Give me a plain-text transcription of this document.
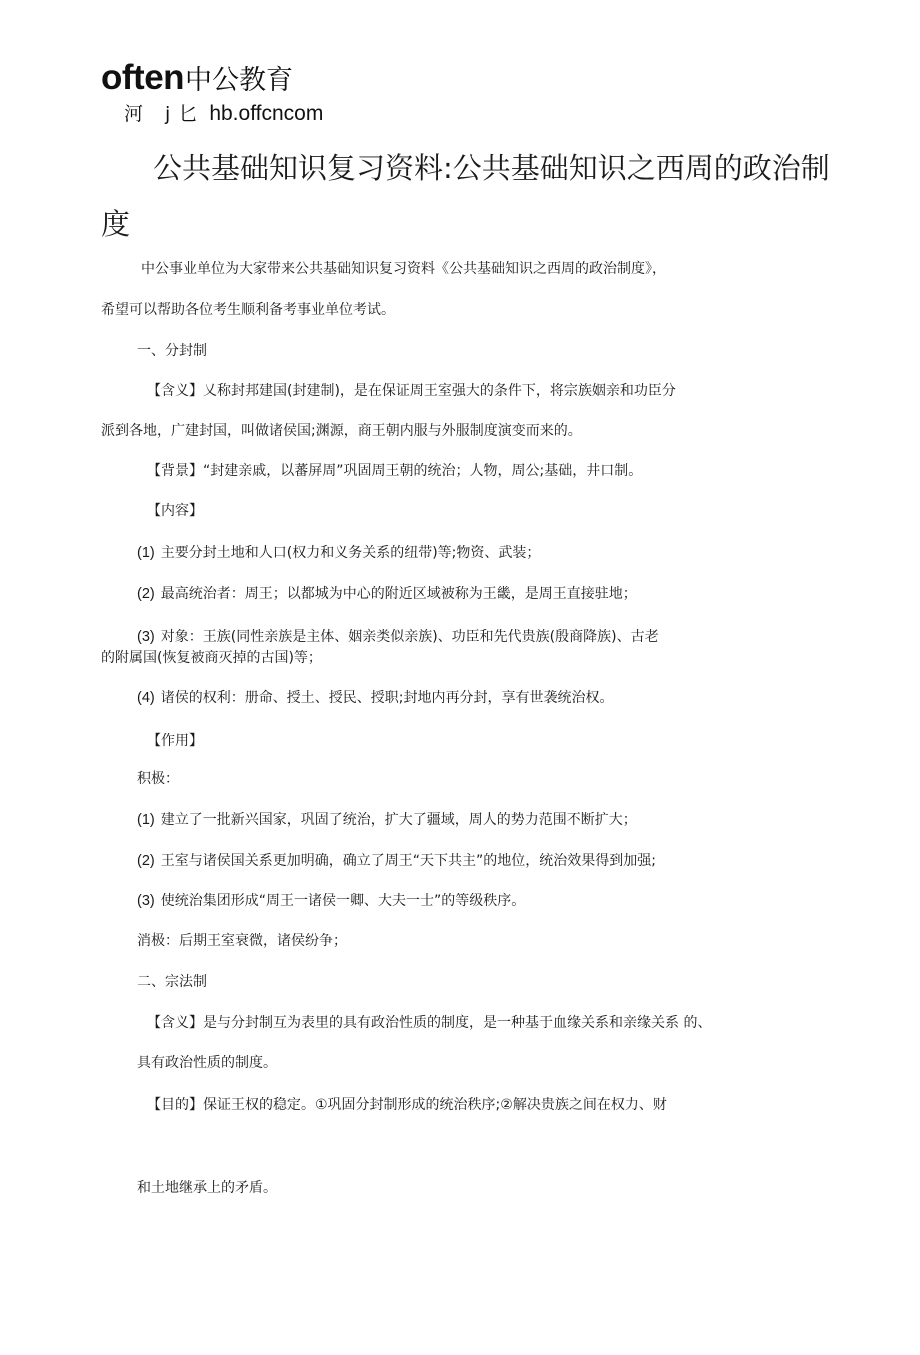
often中公教育
河 j匕 hb.offcncom
公共基础知识复习资料:公共基础知识之西周的政治制度
中公事业单位为大家带来公共基础知识复习资料《公共基础知识之西周的政治制度》，
希望可以帮助各位考生顺利备考事业单位考试。
一、分封制
【含义】乂称封邦建国(封建制)，是在保证周王室强大的条件下，将宗族姻亲和功臣分
派到各地，广建封国，叫做诸侯国;渊源，商王朝内服与外服制度演变而来的。
【背景】“封建亲戚，以蕃屏周”巩固周王朝的统治；人物，周公;基础，井口制。
【内容】
(1) 主要分封土地和人口(权力和义务关系的纽带)等;物资、武装；
(2) 最高统治者：周王；以都城为中心的附近区域被称为王畿，是周王直接驻地；
(3) 对象：王族(同性亲族是主体、姻亲类似亲族)、功臣和先代贵族(殷商降族)、古老
的附属国(恢复被商灭掉的古国)等；
(4) 诸侯的权利：册命、授土、授民、授职;封地内再分封，享有世袭统治权。
【作用】
积极：
(1) 建立了一批新兴国家，巩固了统治，扩大了疆域，周人的势力范围不断扩大；
(2) 王室与诸侯国关系更加明确，确立了周王“天下共主”的地位，统治效果得到加强;
(3) 使统治集团形成“周王一诸侯一卿、大夫一士”的等级秩序。
消极：后期王室衰微，诸侯纷争；
二、宗法制
【含义】是与分封制互为表里的具有政治性质的制度，是一种基于血缘关系和亲缘关系 的、
具有政治性质的制度。
【目的】保证王权的稳定。①巩固分封制形成的统治秩序;②解决贵族之间在权力、财
和土地继承上的矛盾。
